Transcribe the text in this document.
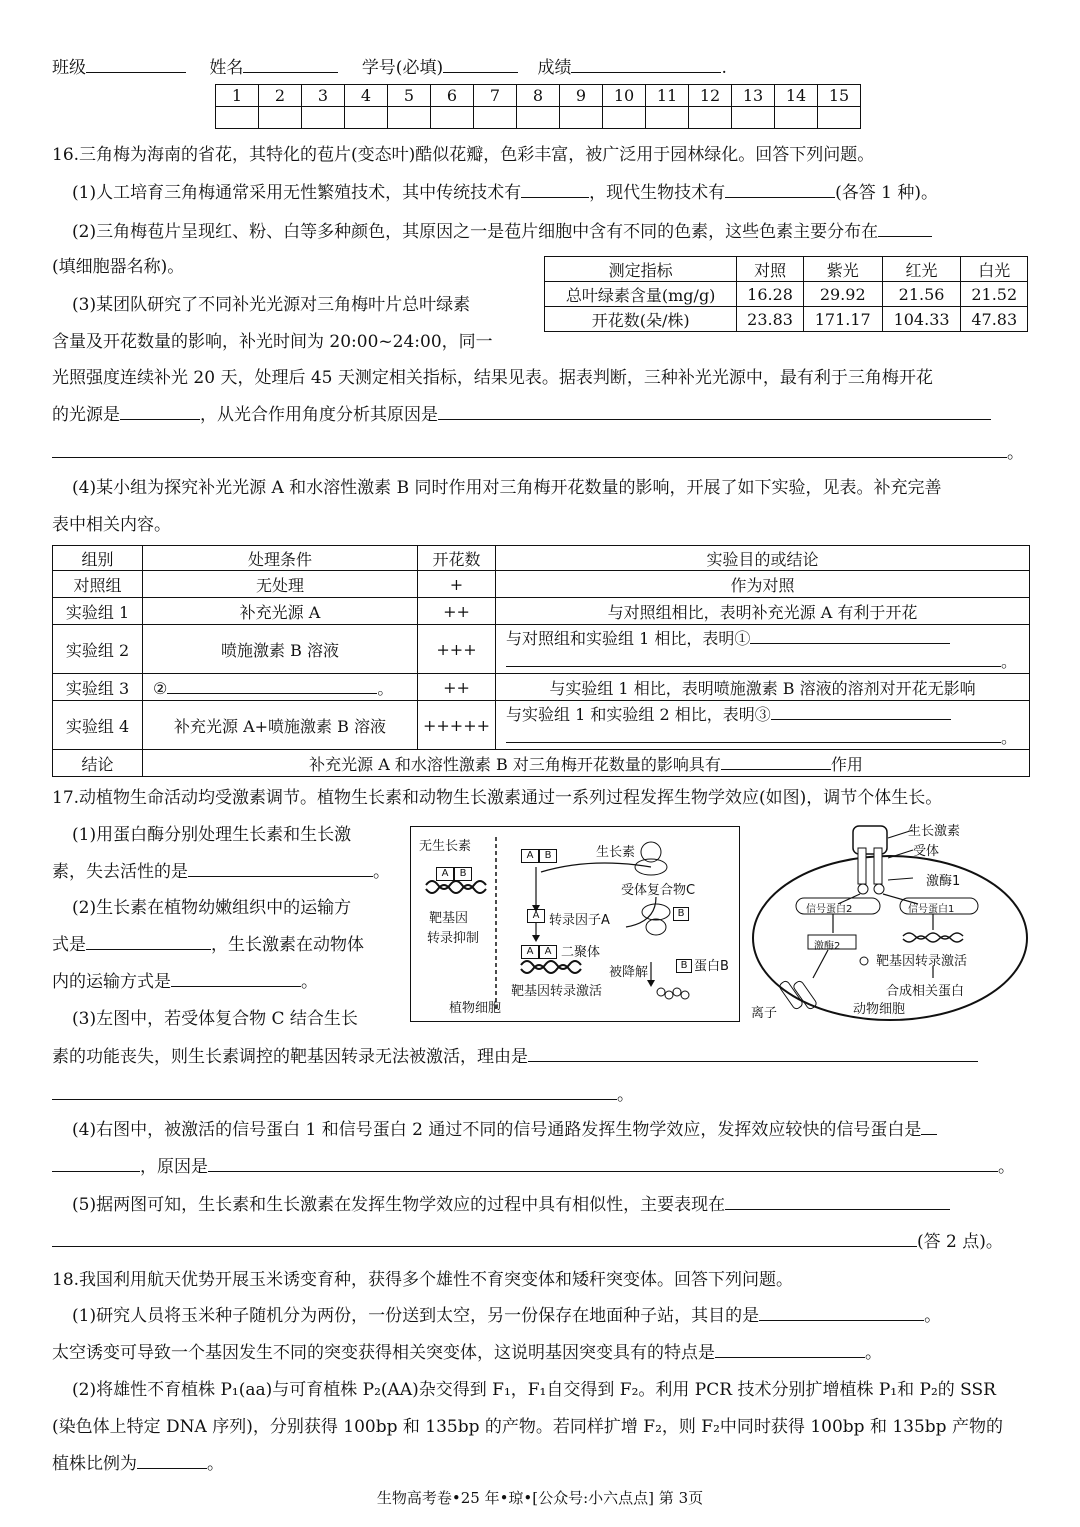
班级	姓名	学号(必填)	成绩	.
1	2	3	4	5	6	7	8	9	10	11	12	13	14	15

16.三角梅为海南的省花，其特化的苞片(变态叶)酷似花瓣，色彩丰富，被广泛用于园林绿化。回答下列问题。
(1)人工培育三角梅通常采用无性繁殖技术，其中传统技术有	，现代生物技术有	(各答 1 种)。
(2)三角梅苞片呈现红、粉、白等多种颜色，其原因之一是苞片细胞中含有不同的色素，这些色素主要分布在
(填细胞器名称)。	测定指标	对照	紫光	红光	白光
总叶绿素含量(mg/g)	16.28	29.92	21.56	21.52
开花数(朵/株)	23.83	171.17	104.33	47.83
(3)某团队研究了不同补光光源对三角梅叶片总叶绿素
含量及开花数量的影响，补光时间为 20:00~24:00，同一
光照强度连续补光 20 天，处理后 45 天测定相关指标，结果见表。据表判断，三种补光光源中，最有利于三角梅开花
的光源是	，从光合作用角度分析其原因是
。
(4)某小组为探究补光光源 A 和水溶性激素 B 同时作用对三角梅开花数量的影响，开展了如下实验，见表。补充完善
表中相关内容。
组别	处理条件	开花数	实验目的或结论
对照组	无处理	+	作为对照
实验组 1	补充光源 A	++	与对照组相比，表明补充光源 A 有利于开花
实验组 2	喷施激素 B 溶液	+++	与对照组和实验组 1 相比，表明①
。

实验组 3	② 。	++	与实验组 1 相比，表明喷施激素 B 溶液的溶剂对开花无影响
实验组 4	补充光源 A+喷施激素 B 溶液	+++++	与实验组 1 和实验组 2 相比，表明③
。

结论	补充光源 A 和水溶性激素 B 对三角梅开花数量的影响具有 作用		
17.动植物生命活动均受激素调节。植物生长素和动物生长激素通过一系列过程发挥生物学效应(如图)，调节个体生长。
(1)用蛋白酶分别处理生长素和生长激
素，失去活性的是	。
(2)生长素在植物幼嫩组织中的运输方
式是	，生长激素在动物体
内的运输方式是	。
(3)左图中，若受体复合物 C 结合生长
无生长素
A	B
靶基因
转录抑制
A	B	生长素
受体复合物C
A 转录因子A	B
A	A 二聚体
被降解	B 蛋白B
靶基因转录激活
植物细胞
生长激素
受体
激酶1
信号蛋白2	信号蛋白1
激酶2
靶基因转录激活
合成相关蛋白
离子	动物细胞
素的功能丧失，则生长素调控的靶基因转录无法被激活，理由是
。
(4)右图中，被激活的信号蛋白 1 和信号蛋白 2 通过不同的信号通路发挥生物学效应，发挥效应较快的信号蛋白是
，原因是	。
(5)据两图可知，生长素和生长激素在发挥生物学效应的过程中具有相似性，主要表现在
(答 2 点)。
18.我国利用航天优势开展玉米诱变育种，获得多个雄性不育突变体和矮秆突变体。回答下列问题。
(1)研究人员将玉米种子随机分为两份，一份送到太空，另一份保存在地面种子站，其目的是	。
太空诱变可导致一个基因发生不同的突变获得相关突变体，这说明基因突变具有的特点是	。
(2)将雄性不育植株 P₁(aa)与可育植株 P₂(AA)杂交得到 F₁，F₁自交得到 F₂。利用 PCR 技术分别扩增植株 P₁和 P₂的 SSR
(染色体上特定 DNA 序列)，分别获得 100bp 和 135bp 的产物。若同样扩增 F₂，则 F₂中同时获得 100bp 和 135bp 产物的
植株比例为	。
生物高考卷•25 年•琼•[公众号:小六点点] 第 3页
